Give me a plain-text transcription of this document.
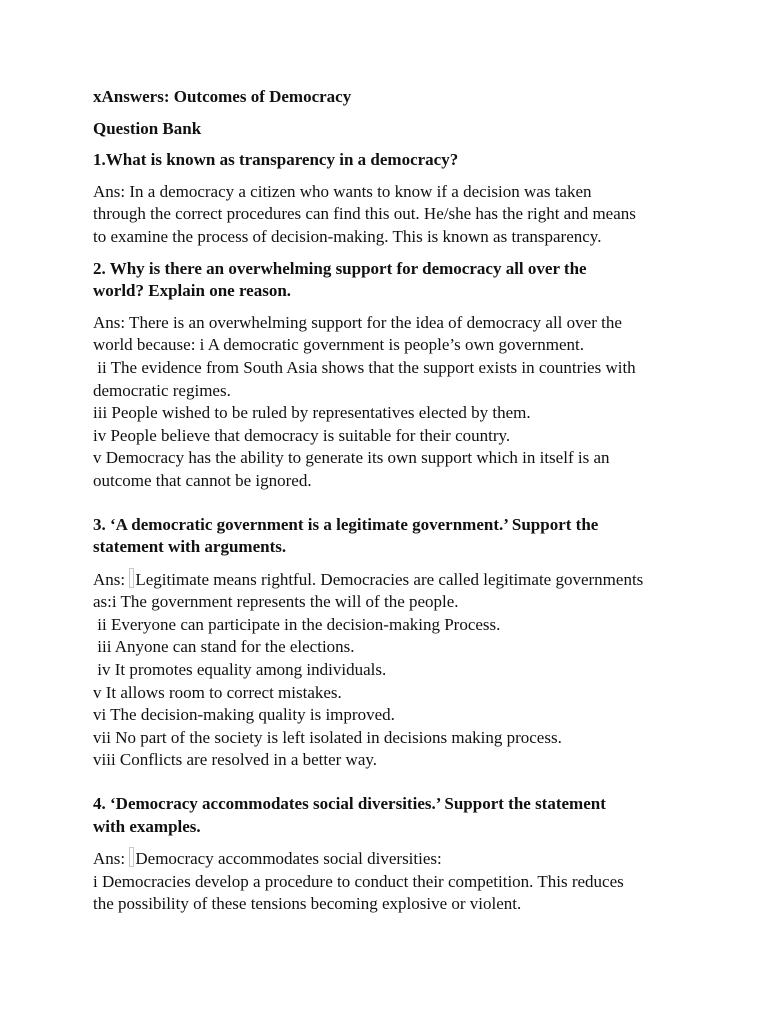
xAnswers: Outcomes of Democracy

Question Bank

1.What is known as transparency in a democracy?

Ans: In a democracy a citizen who wants to know if a decision was taken

through the correct procedures can find this out. He/she has the right and means

to examine the process of decision-making. This is known as transparency.

2. Why is there an overwhelming support for democracy all over the

world? Explain one reason.

Ans: There is an overwhelming support for the idea of democracy all over the

world because: i A democratic government is people’s own government.

ii The evidence from South Asia shows that the support exists in countries with

democratic regimes.

iii People wished to be ruled by representatives elected by them.

iv People believe that democracy is suitable for their country.

v Democracy has the ability to generate its own support which in itself is an

outcome that cannot be ignored.

3. ‘A democratic government is a legitimate government.’ Support the

statement with arguments.

Ans: Legitimate means rightful. Democracies are called legitimate governments

as:i The government represents the will of the people.

ii Everyone can participate in the decision-making Process.

iii Anyone can stand for the elections.

iv It promotes equality among individuals.

v It allows room to correct mistakes.

vi The decision-making quality is improved.

vii No part of the society is left isolated in decisions making process.

viii Conflicts are resolved in a better way.

4. ‘Democracy accommodates social diversities.’ Support the statement

with examples.

Ans: Democracy accommodates social diversities:

i Democracies develop a procedure to conduct their competition. This reduces

the possibility of these tensions becoming explosive or violent.
